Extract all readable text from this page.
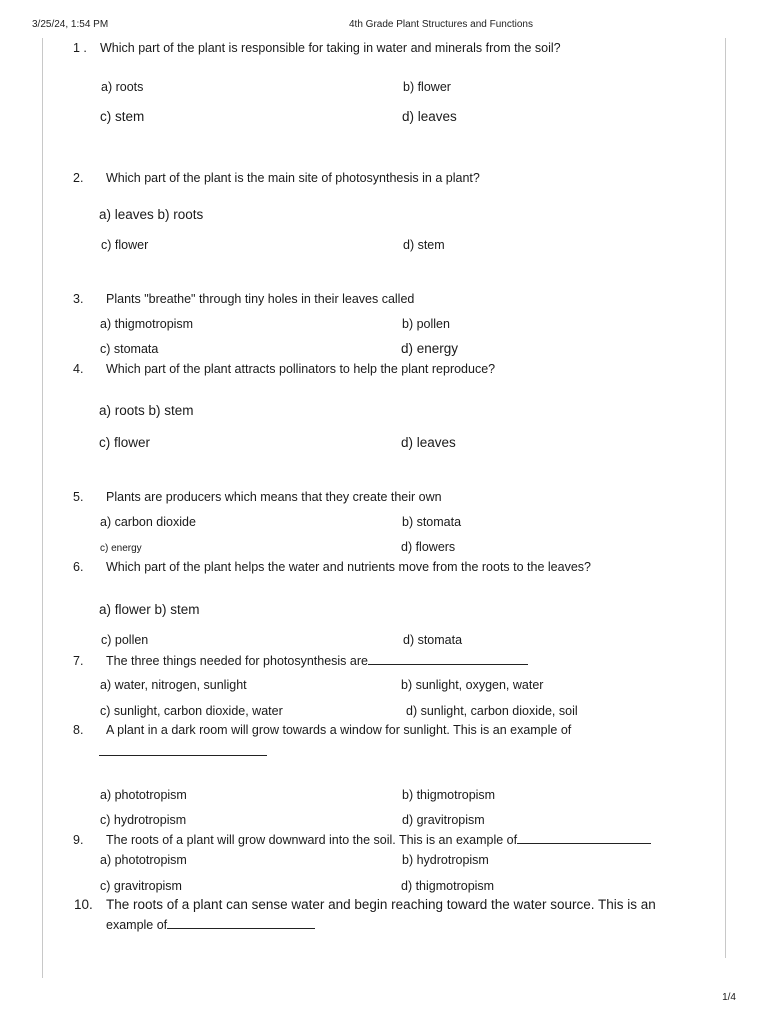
3/25/24, 1:54 PM	4th Grade Plant Structures and Functions
1 . Which part of the plant is responsible for taking in water and minerals from the soil?
a) roots	b) flower
c) stem	d) leaves
2. Which part of the plant is the main site of photosynthesis in a plant?
a) leaves b) roots
c) flower	d) stem
3. Plants "breathe" through tiny holes in their leaves called
a) thigmotropism	b) pollen
c) stomata	d) energy
4. Which part of the plant attracts pollinators to help the plant reproduce?
a) roots b) stem
c) flower	d) leaves
5. Plants are producers which means that they create their own
a) carbon dioxide	b) stomata
c) energy	d) flowers
6. Which part of the plant helps the water and nutrients move from the roots to the leaves?
a) flower b) stem
c) pollen	d) stomata
7. The three things needed for photosynthesis are
a) water, nitrogen, sunlight	b) sunlight, oxygen, water
c) sunlight, carbon dioxide, water	d) sunlight, carbon dioxide, soil
8. A plant in a dark room will grow towards a window for sunlight. This is an example of
a) phototropism	b) thigmotropism
c) hydrotropism	d) gravitropism
9. The roots of a plant will grow downward into the soil. This is an example of
a) phototropism	b) hydrotropism
c) gravitropism	d) thigmotropism
10. The roots of a plant can sense water and begin reaching toward the water source. This is an
example of
1/4
